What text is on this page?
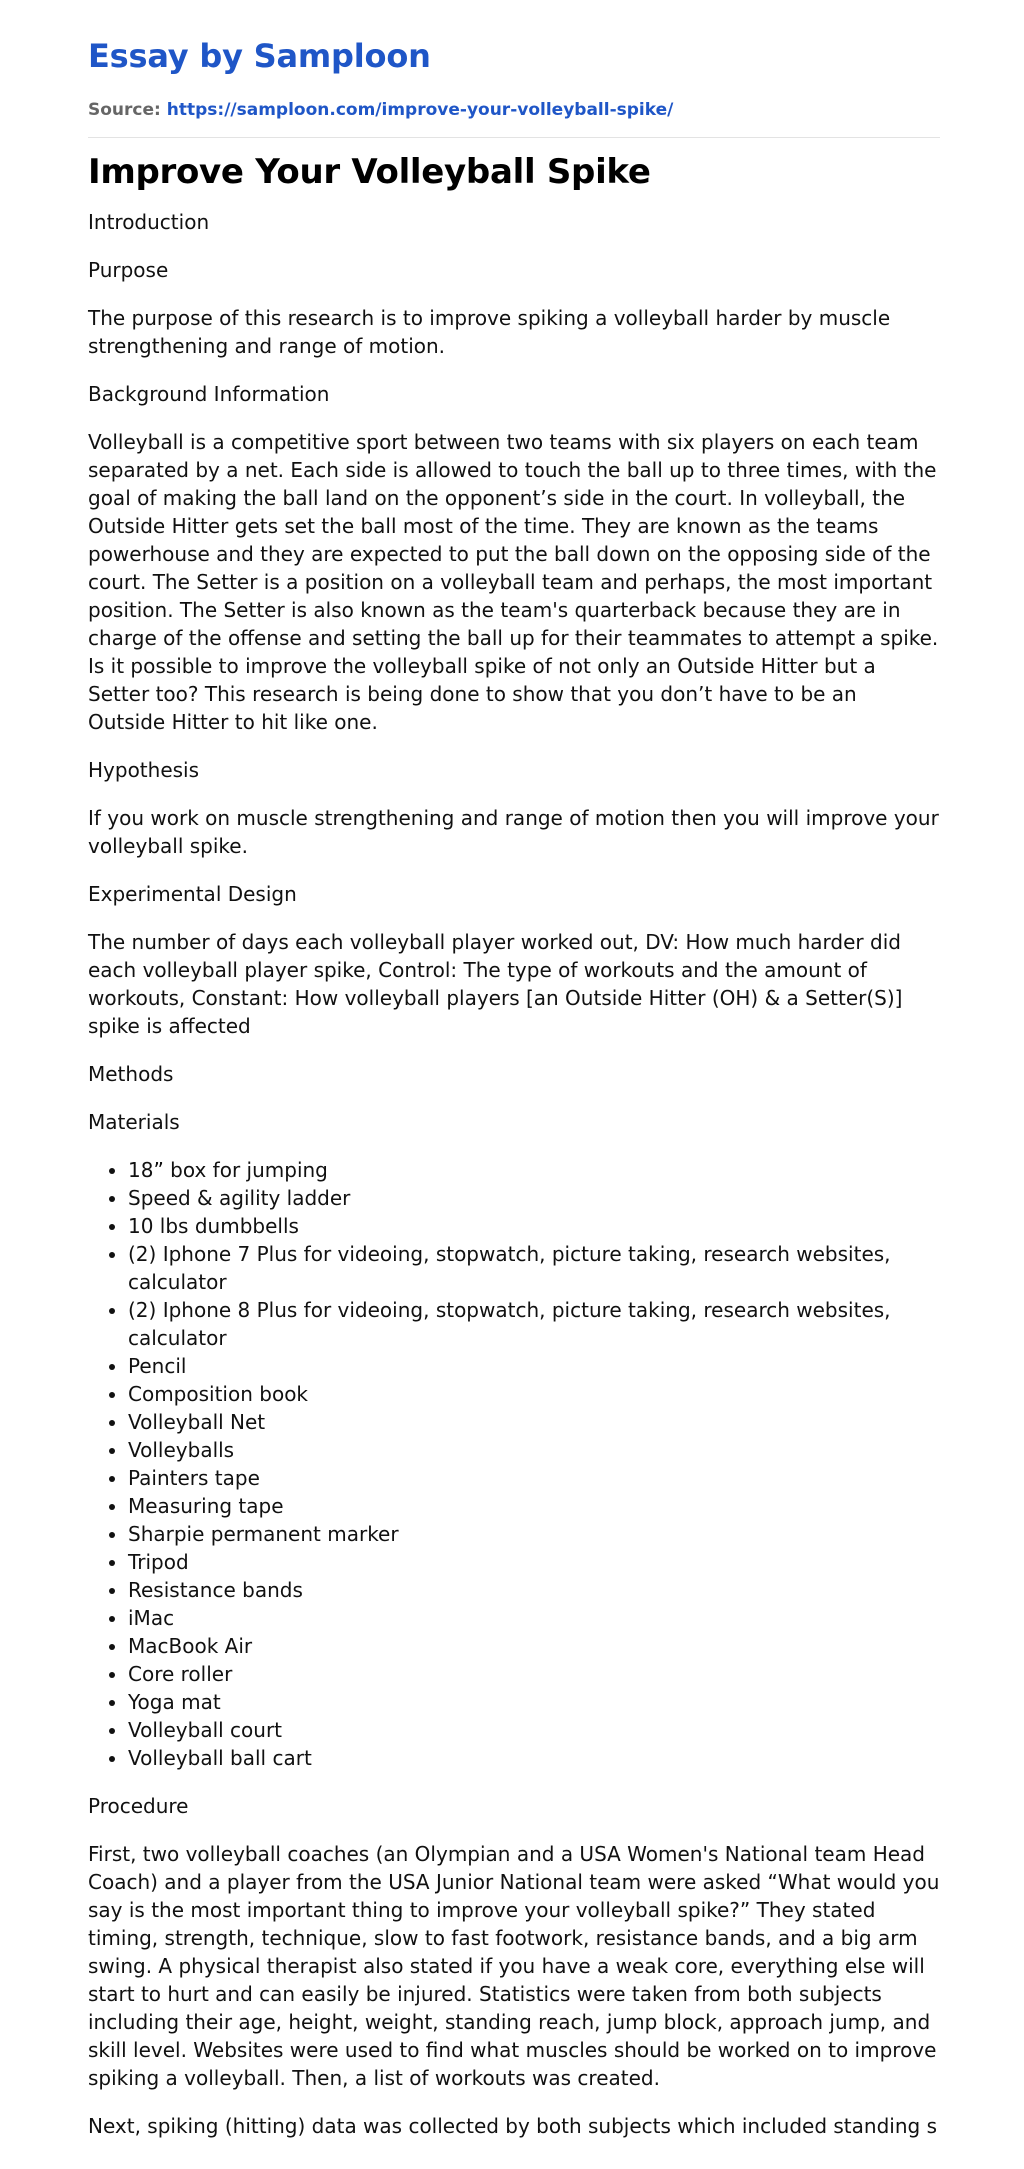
Essay by Samploon
Source: https://samploon.com/improve-your-volleyball-spike/
Improve Your Volleyball Spike

Introduction

Purpose

The purpose of this research is to improve spiking a volleyball harder by muscle strengthening and range of motion.

Background Information

Volleyball is a competitive sport between two teams with six players on each team separated by a net. Each side is allowed to touch the ball up to three times, with the goal of making the ball land on the opponent’s side in the court. In volleyball, the Outside Hitter gets set the ball most of the time. They are known as the teams powerhouse and they are expected to put the ball down on the opposing side of the court. The Setter is a position on a volleyball team and perhaps, the most important position. The Setter is also known as the team's quarterback because they are in charge of the offense and setting the ball up for their teammates to attempt a spike. Is it possible to improve the volleyball spike of not only an Outside Hitter but a Setter too? This research is being done to show that you don’t have to be an Outside Hitter to hit like one.

Hypothesis

If you work on muscle strengthening and range of motion then you will improve your volleyball spike.

Experimental Design

The number of days each volleyball player worked out, DV: How much harder did each volleyball player spike, Control: The type of workouts and the amount of workouts, Constant: How volleyball players [an Outside Hitter (OH) & a Setter(S)] spike is affected

Methods

Materials

• 18” box for jumping
• Speed & agility ladder
• 10 lbs dumbbells
• (2) Iphone 7 Plus for videoing, stopwatch, picture taking, research websites, calculator
• (2) Iphone 8 Plus for videoing, stopwatch, picture taking, research websites, calculator
• Pencil
• Composition book
• Volleyball Net
• Volleyballs
• Painters tape
• Measuring tape
• Sharpie permanent marker
• Tripod
• Resistance bands
• iMac
• MacBook Air
• Core roller
• Yoga mat
• Volleyball court
• Volleyball ball cart

Procedure

First, two volleyball coaches (an Olympian and a USA Women's National team Head Coach) and a player from the USA Junior National team were asked “What would you say is the most important thing to improve your volleyball spike?” They stated timing, strength, technique, slow to fast footwork, resistance bands, and a big arm swing. A physical therapist also stated if you have a weak core, everything else will start to hurt and can easily be injured. Statistics were taken from both subjects including their age, height, weight, standing reach, jump block, approach jump, and skill level. Websites were used to find what muscles should be worked on to improve spiking a volleyball. Then, a list of workouts was created.

Next, spiking (hitting) data was collected by both subjects which included standing s
